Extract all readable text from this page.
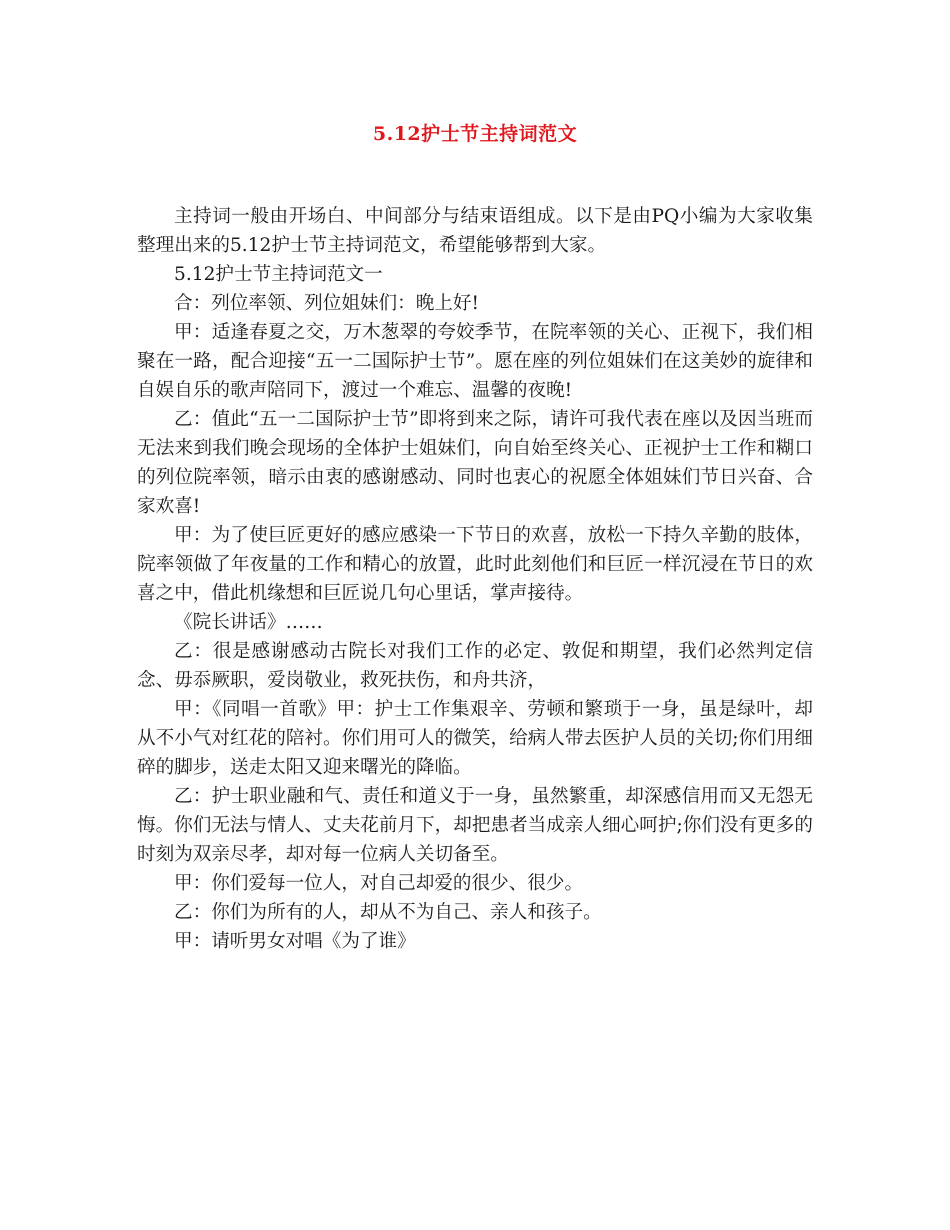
5.12护士节主持词范文

主持词一般由开场白、中间部分与结束语组成。以下是由PQ小编为大家收集整理出来的5.12护士节主持词范文，希望能够帮到大家。

5.12护士节主持词范文一

合：列位率领、列位姐妹们：晚上好!

甲：适逢春夏之交，万木葱翠的夸姣季节，在院率领的关心、正视下，我们相聚在一路，配合迎接“五一二国际护士节”。愿在座的列位姐妹们在这美妙的旋律和自娱自乐的歌声陪同下，渡过一个难忘、温馨的夜晚!

乙：值此“五一二国际护士节”即将到来之际，请许可我代表在座以及因当班而无法来到我们晚会现场的全体护士姐妹们，向自始至终关心、正视护士工作和糊口的列位院率领，暗示由衷的感谢感动、同时也衷心的祝愿全体姐妹们节日兴奋、合家欢喜!

甲：为了使巨匠更好的感应感染一下节日的欢喜，放松一下持久辛勤的肢体，院率领做了年夜量的工作和精心的放置，此时此刻他们和巨匠一样沉浸在节日的欢喜之中，借此机缘想和巨匠说几句心里话，掌声接待。

《院长讲话》……

乙：很是感谢感动古院长对我们工作的必定、敦促和期望，我们必然判定信念、毋忝厥职，爱岗敬业，救死扶伤，和舟共济，

甲：《同唱一首歌》甲：护士工作集艰辛、劳顿和繁琐于一身，虽是绿叶，却从不小气对红花的陪衬。你们用可人的微笑，给病人带去医护人员的关切;你们用细碎的脚步，送走太阳又迎来曙光的降临。

乙：护士职业融和气、责任和道义于一身，虽然繁重，却深感信用而又无怨无悔。你们无法与情人、丈夫花前月下，却把患者当成亲人细心呵护;你们没有更多的时刻为双亲尽孝，却对每一位病人关切备至。

甲：你们爱每一位人，对自己却爱的很少、很少。

乙：你们为所有的人，却从不为自己、亲人和孩子。

甲：请听男女对唱《为了谁》
